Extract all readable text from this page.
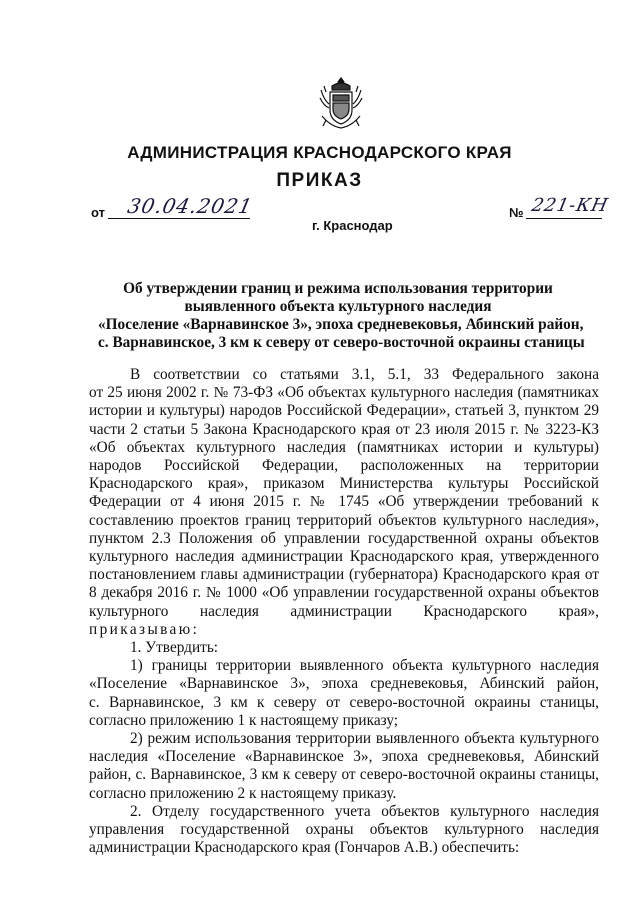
АДМИНИСТРАЦИЯ КРАСНОДАРСКОГО КРАЯ
ПРИКАЗ
от 30.04.2021
г. Краснодар
№ 221-КН
Об утверждении границ и режима использования территории
выявленного объекта культурного наследия
«Поселение «Варнавинское 3», эпоха средневековья, Абинский район,
с. Варнавинское, 3 км к северу от северо-восточной окраины станицы
В соответствии со статьями 3.1, 5.1, 33 Федерального закона
от 25 июня 2002 г. № 73-ФЗ «Об объектах культурного наследия (памятниках
истории и культуры) народов Российской Федерации», статьей 3, пунктом 29
части 2 статьи 5 Закона Краснодарского края от 23 июля 2015 г. № 3223-КЗ
«Об объектах культурного наследия (памятниках истории и культуры)
народов Российской Федерации, расположенных на территории
Краснодарского края», приказом Министерства культуры Российской
Федерации от 4 июня 2015 г. № 1745 «Об утверждении требований к
составлению проектов границ территорий объектов культурного наследия»,
пунктом 2.3 Положения об управлении государственной охраны объектов
культурного наследия администрации Краснодарского края, утвержденного
постановлением главы администрации (губернатора) Краснодарского края от
8 декабря 2016 г. № 1000 «Об управлении государственной охраны объектов
культурного наследия администрации Краснодарского края»,
приказываю:
1. Утвердить:
1) границы территории выявленного объекта культурного наследия
«Поселение «Варнавинское 3», эпоха средневековья, Абинский район,
с. Варнавинское, 3 км к северу от северо-восточной окраины станицы,
согласно приложению 1 к настоящему приказу;
2) режим использования территории выявленного объекта культурного
наследия «Поселение «Варнавинское 3», эпоха средневековья, Абинский
район, с. Варнавинское, 3 км к северу от северо-восточной окраины станицы,
согласно приложению 2 к настоящему приказу.
2. Отделу государственного учета объектов культурного наследия
управления государственной охраны объектов культурного наследия
администрации Краснодарского края (Гончаров А.В.) обеспечить:
